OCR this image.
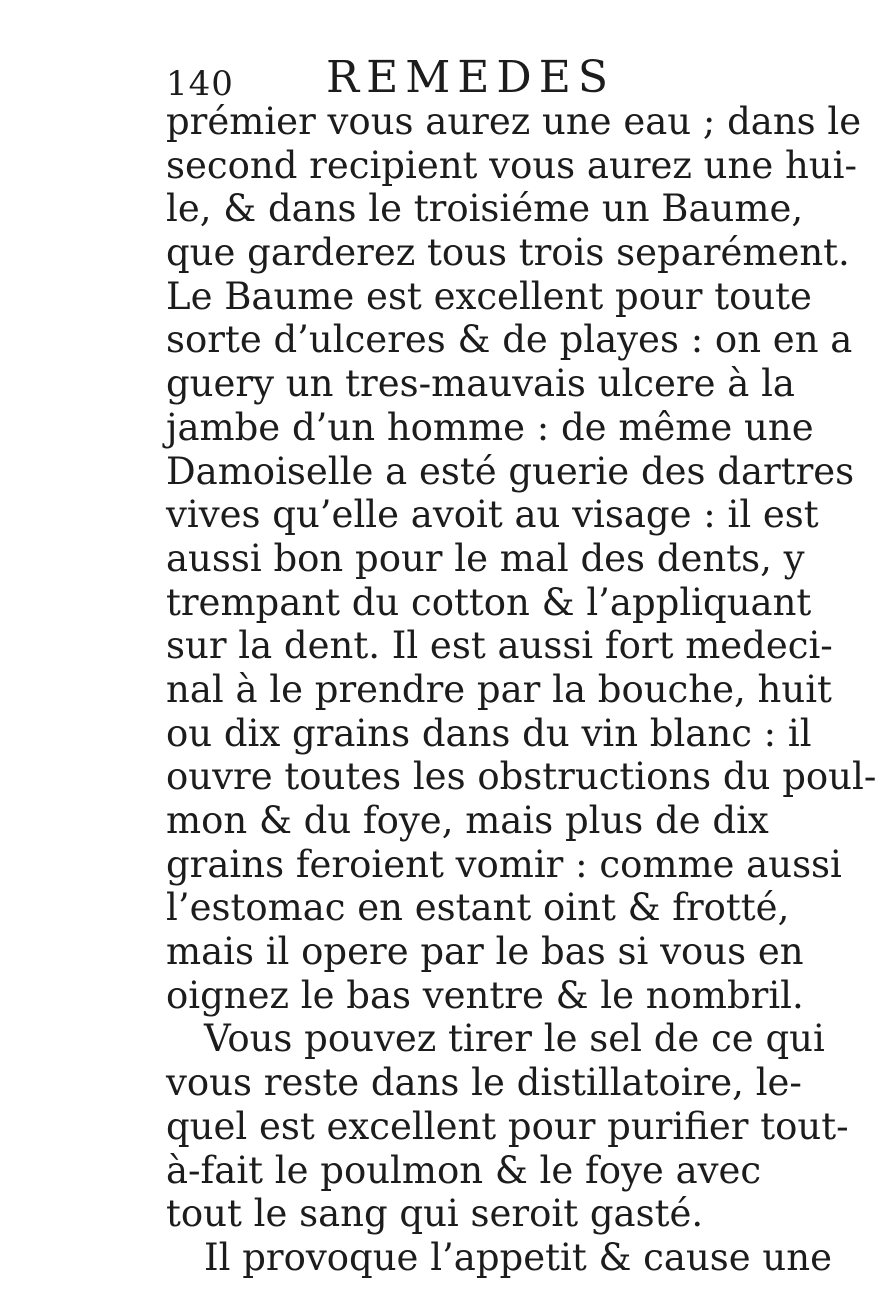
140 REMEDES
prémier vous aurez une eau ; dans le
second recipient vous aurez une hui-
le, & dans le troisiéme un Baume,
que garderez tous trois separément.
Le Baume est excellent pour toute
sorte d’ulceres & de playes : on en a
guery un tres-mauvais ulcere à la
jambe d’un homme : de même une
Damoiselle a esté guerie des dartres
vives qu’elle avoit au visage : il est
aussi bon pour le mal des dents, y
trempant du cotton & l’appliquant
sur la dent. Il est aussi fort medeci-
nal à le prendre par la bouche, huit
ou dix grains dans du vin blanc : il
ouvre toutes les obstructions du poul-
mon & du foye, mais plus de dix
grains feroient vomir : comme aussi
l’estomac en estant oint & frotté,
mais il opere par le bas si vous en
oignez le bas ventre & le nombril.
Vous pouvez tirer le sel de ce qui
vous reste dans le distillatoire, le-
quel est excellent pour purifier tout-
à-fait le poulmon & le foye avec
tout le sang qui seroit gasté.
Il provoque l’appetit & cause une
